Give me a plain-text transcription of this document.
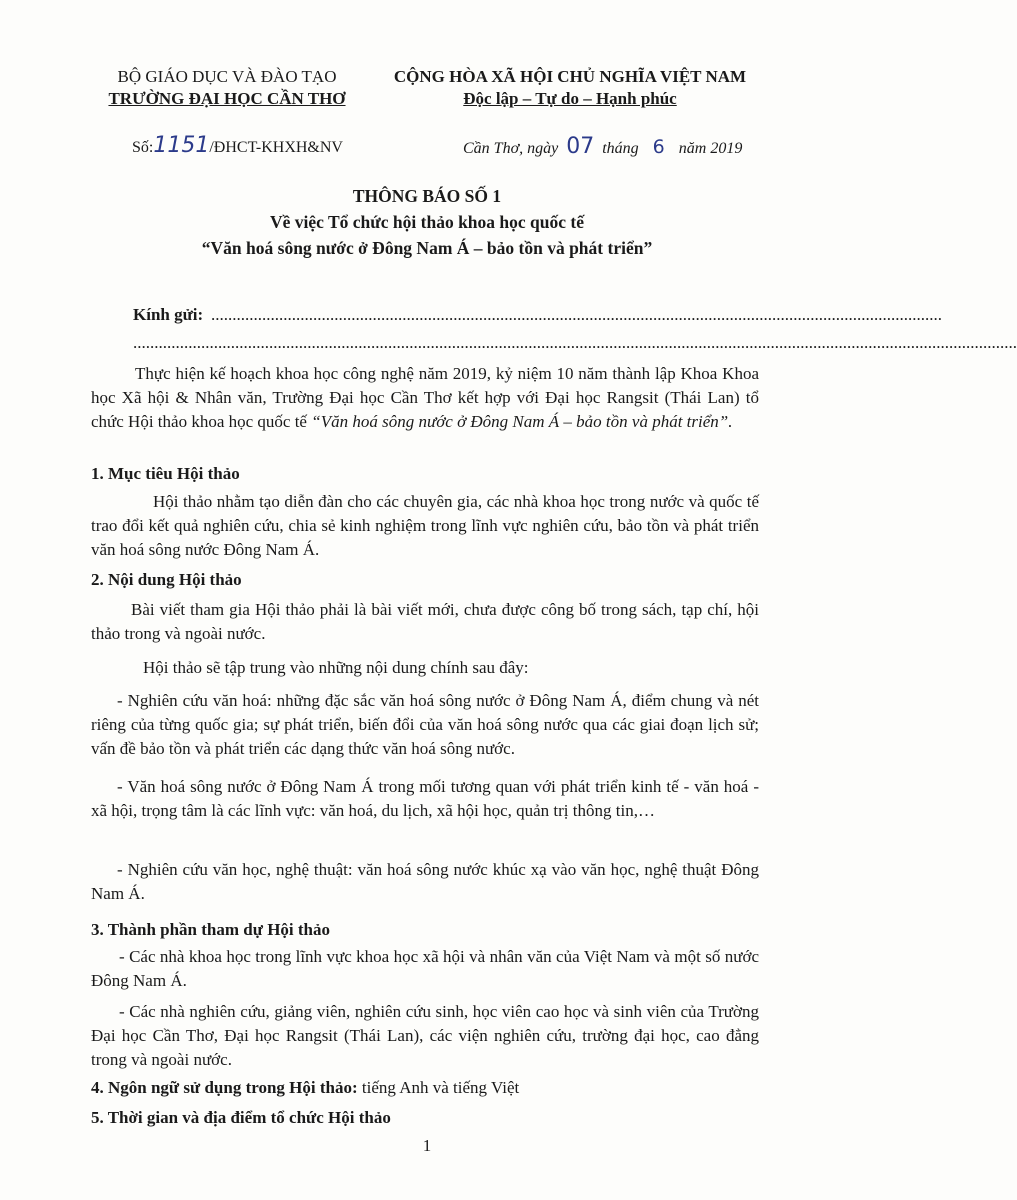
BỘ GIÁO DỤC VÀ ĐÀO TẠO
TRƯỜNG ĐẠI HỌC CẦN THƠ
CỘNG HÒA XÃ HỘI CHỦ NGHĨA VIỆT NAM
Độc lập – Tự do – Hạnh phúc
Số:1151/ĐHCT-KHXH&NV	Cần Thơ, ngày 07 tháng 6 năm 2019
THÔNG BÁO SỐ 1
Về việc Tổ chức hội thảo khoa học quốc tế
“Văn hoá sông nước ở Đông Nam Á – bảo tồn và phát triển”
Kính gửi: ............................................................................................................................................................................
................................................................................................................................................................................................................
Thực hiện kế hoạch khoa học công nghệ năm 2019, kỷ niệm 10 năm thành lập Khoa Khoa học Xã hội & Nhân văn, Trường Đại học Cần Thơ kết hợp với Đại học Rangsit (Thái Lan) tổ chức Hội thảo khoa học quốc tế “Văn hoá sông nước ở Đông Nam Á – bảo tồn và phát triển”.
1. Mục tiêu Hội thảo
Hội thảo nhằm tạo diễn đàn cho các chuyên gia, các nhà khoa học trong nước và quốc tế trao đổi kết quả nghiên cứu, chia sẻ kinh nghiệm trong lĩnh vực nghiên cứu, bảo tồn và phát triển văn hoá sông nước Đông Nam Á.
2. Nội dung Hội thảo
Bài viết tham gia Hội thảo phải là bài viết mới, chưa được công bố trong sách, tạp chí, hội thảo trong và ngoài nước.
Hội thảo sẽ tập trung vào những nội dung chính sau đây:
- Nghiên cứu văn hoá: những đặc sắc văn hoá sông nước ở Đông Nam Á, điểm chung và nét riêng của từng quốc gia; sự phát triển, biến đổi của văn hoá sông nước qua các giai đoạn lịch sử; vấn đề bảo tồn và phát triển các dạng thức văn hoá sông nước.
- Văn hoá sông nước ở Đông Nam Á trong mối tương quan với phát triển kinh tế - văn hoá - xã hội, trọng tâm là các lĩnh vực: văn hoá, du lịch, xã hội học, quản trị thông tin,…
- Nghiên cứu văn học, nghệ thuật: văn hoá sông nước khúc xạ vào văn học, nghệ thuật Đông Nam Á.
3. Thành phần tham dự Hội thảo
- Các nhà khoa học trong lĩnh vực khoa học xã hội và nhân văn của Việt Nam và một số nước Đông Nam Á.
- Các nhà nghiên cứu, giảng viên, nghiên cứu sinh, học viên cao học và sinh viên của Trường Đại học Cần Thơ, Đại học Rangsit (Thái Lan), các viện nghiên cứu, trường đại học, cao đẳng trong và ngoài nước.
4. Ngôn ngữ sử dụng trong Hội thảo: tiếng Anh và tiếng Việt
5. Thời gian và địa điểm tổ chức Hội thảo
1
